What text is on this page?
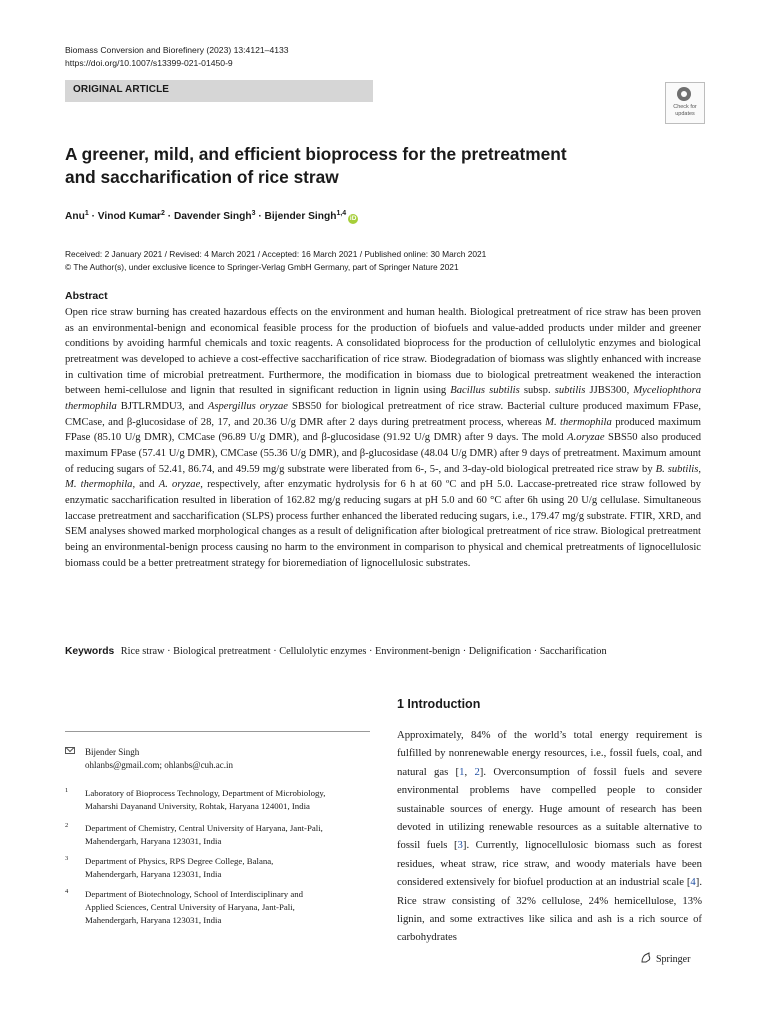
Biomass Conversion and Biorefinery (2023) 13:4121–4133
https://doi.org/10.1007/s13399-021-01450-9
ORIGINAL ARTICLE
Check for updates
A greener, mild, and efficient bioprocess for the pretreatment
and saccharification of rice straw
Anu$^1$ · Vinod Kumar$^2$ · Davender Singh$^3$ · Bijender Singh$^{1,4}$iD
Received: 2 January 2021 / Revised: 4 March 2021 / Accepted: 16 March 2021 / Published online: 30 March 2021
© The Author(s), under exclusive licence to Springer-Verlag GmbH Germany, part of Springer Nature 2021
Abstract
Open rice straw burning has created hazardous effects on the environment and human health. Biological pretreatment of rice straw has been proven as an environmental-benign and economical feasible process for the production of biofuels and value-added products under milder and greener conditions by avoiding harmful chemicals and toxic reagents. A consolidated bioprocess for the production of cellulolytic enzymes and biological pretreatment was developed to achieve a cost-effective saccharification of rice straw. Biodegradation of biomass was slightly enhanced with increase in cultivation time of microbial pretreatment. Furthermore, the modification in biomass due to biological pretreatment weakened the interaction between hemi-cellulose and lignin that resulted in significant reduction in lignin using Bacillus subtilis subsp. subtilis JJBS300, Myceliophthora thermophila BJTLRMDU3, and Aspergillus oryzae SBS50 for biological pretreatment of rice straw. Bacterial culture produced maximum FPase, CMCase, and β-glucosidase of 28, 17, and 20.36 U/g DMR after 2 days during pretreatment process, whereas M. thermophila produced maximum FPase (85.10 U/g DMR), CMCase (96.89 U/g DMR), and β-glucosidase (91.92 U/g DMR) after 9 days. The mold A.oryzae SBS50 also produced maximum FPase (57.41 U/g DMR), CMCase (55.36 U/g DMR), and β-glucosidase (48.04 U/g DMR) after 9 days of pretreatment. Maximum amount of reducing sugars of 52.41, 86.74, and 49.59 mg/g substrate were liberated from 6-, 5-, and 3-day-old biological pretreated rice straw by B. subtilis, M. thermophila, and A. oryzae, respectively, after enzymatic hydrolysis for 6 h at 60 ºC and pH 5.0. Laccase-pretreated rice straw followed by enzymatic saccharification resulted in liberation of 162.82 mg/g reducing sugars at pH 5.0 and 60 °C after 6h using 20 U/g cellulase. Simultaneous laccase pretreatment and saccharification (SLPS) process further enhanced the liberated reducing sugars, i.e., 179.47 mg/g substrate. FTIR, XRD, and SEM analyses showed marked morphological changes as a result of delignification after biological pretreatment of rice straw. Biological pretreatment being an environmental-benign process causing no harm to the environment in comparison to physical and chemical pretreatments of lignocellulosic biomass could be a better pretreatment strategy for bioremediation of lignocellulosic substrates.
Keywords Rice straw · Biological pretreatment · Cellulolytic enzymes · Environment-benign · Delignification · Saccharification
1 Introduction
Approximately, 84% of the world’s total energy requirement is fulfilled by nonrenewable energy resources, i.e., fossil fuels, coal, and natural gas [1, 2]. Overconsumption of fossil fuels and severe environmental problems have compelled people to consider sustainable sources of energy. Huge amount of research has been devoted in utilizing renewable resources as a suitable alternative to fossil fuels [3]. Currently, lignocellulosic biomass such as forest residues, wheat straw, rice straw, and woody materials have been considered extensively for biofuel production at an industrial scale [4]. Rice straw consisting of 32% cellulose, 24% hemicellulose, 13% lignin, and some extractives like silica and ash is a rich source of carbohydrates
Bijender Singh
ohlanbs@gmail.com; ohlanbs@cuh.ac.in
1 Laboratory of Bioprocess Technology, Department of Microbiology,
Maharshi Dayanand University, Rohtak, Haryana 124001, India
2 Department of Chemistry, Central University of Haryana, Jant-Pali,
Mahendergarh, Haryana 123031, India
3 Department of Physics, RPS Degree College, Balana,
Mahendergarh, Haryana 123031, India
4 Department of Biotechnology, School of Interdisciplinary and
Applied Sciences, Central University of Haryana, Jant-Pali,
Mahendergarh, Haryana 123031, India
Springer
